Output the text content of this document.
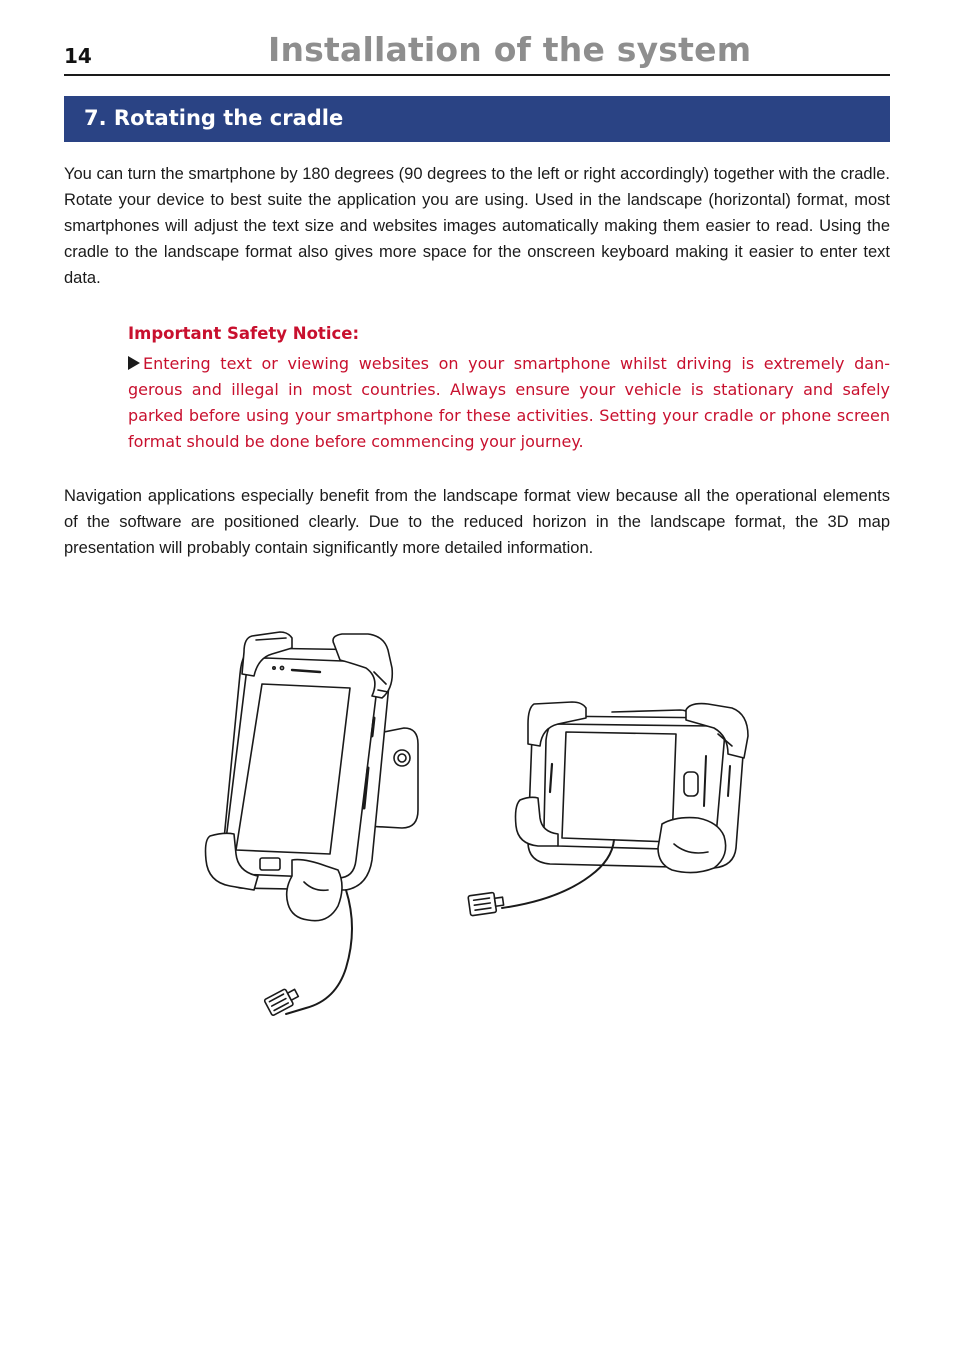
14	Installation of the system
7. Rotating the cradle

You can turn the smartphone by 180 degrees (90 degrees to the left or right accordingly) together with the cradle. Rotate your device to best suite the application you are using. Used in the landscape (horizontal) format, most smartphones will adjust the text size and websites images automatically making them easier to read. Using the cradle to the landscape format also gives more space for the onscreen keyboard making it easier to enter text data.

Important Safety Notice:

Entering text or viewing websites on your smartphone whilst driving is extremely dan-gerous and illegal in most countries. Always ensure your vehicle is stationary and safely parked before using your smartphone for these activities. Setting your cradle or phone screen format should be done before commencing your journey.

Navigation applications especially benefit from the landscape format view because all the operational elements of the software are positioned clearly. Due to the reduced horizon in the landscape format, the 3D map presentation will probably contain significantly more detailed information.
